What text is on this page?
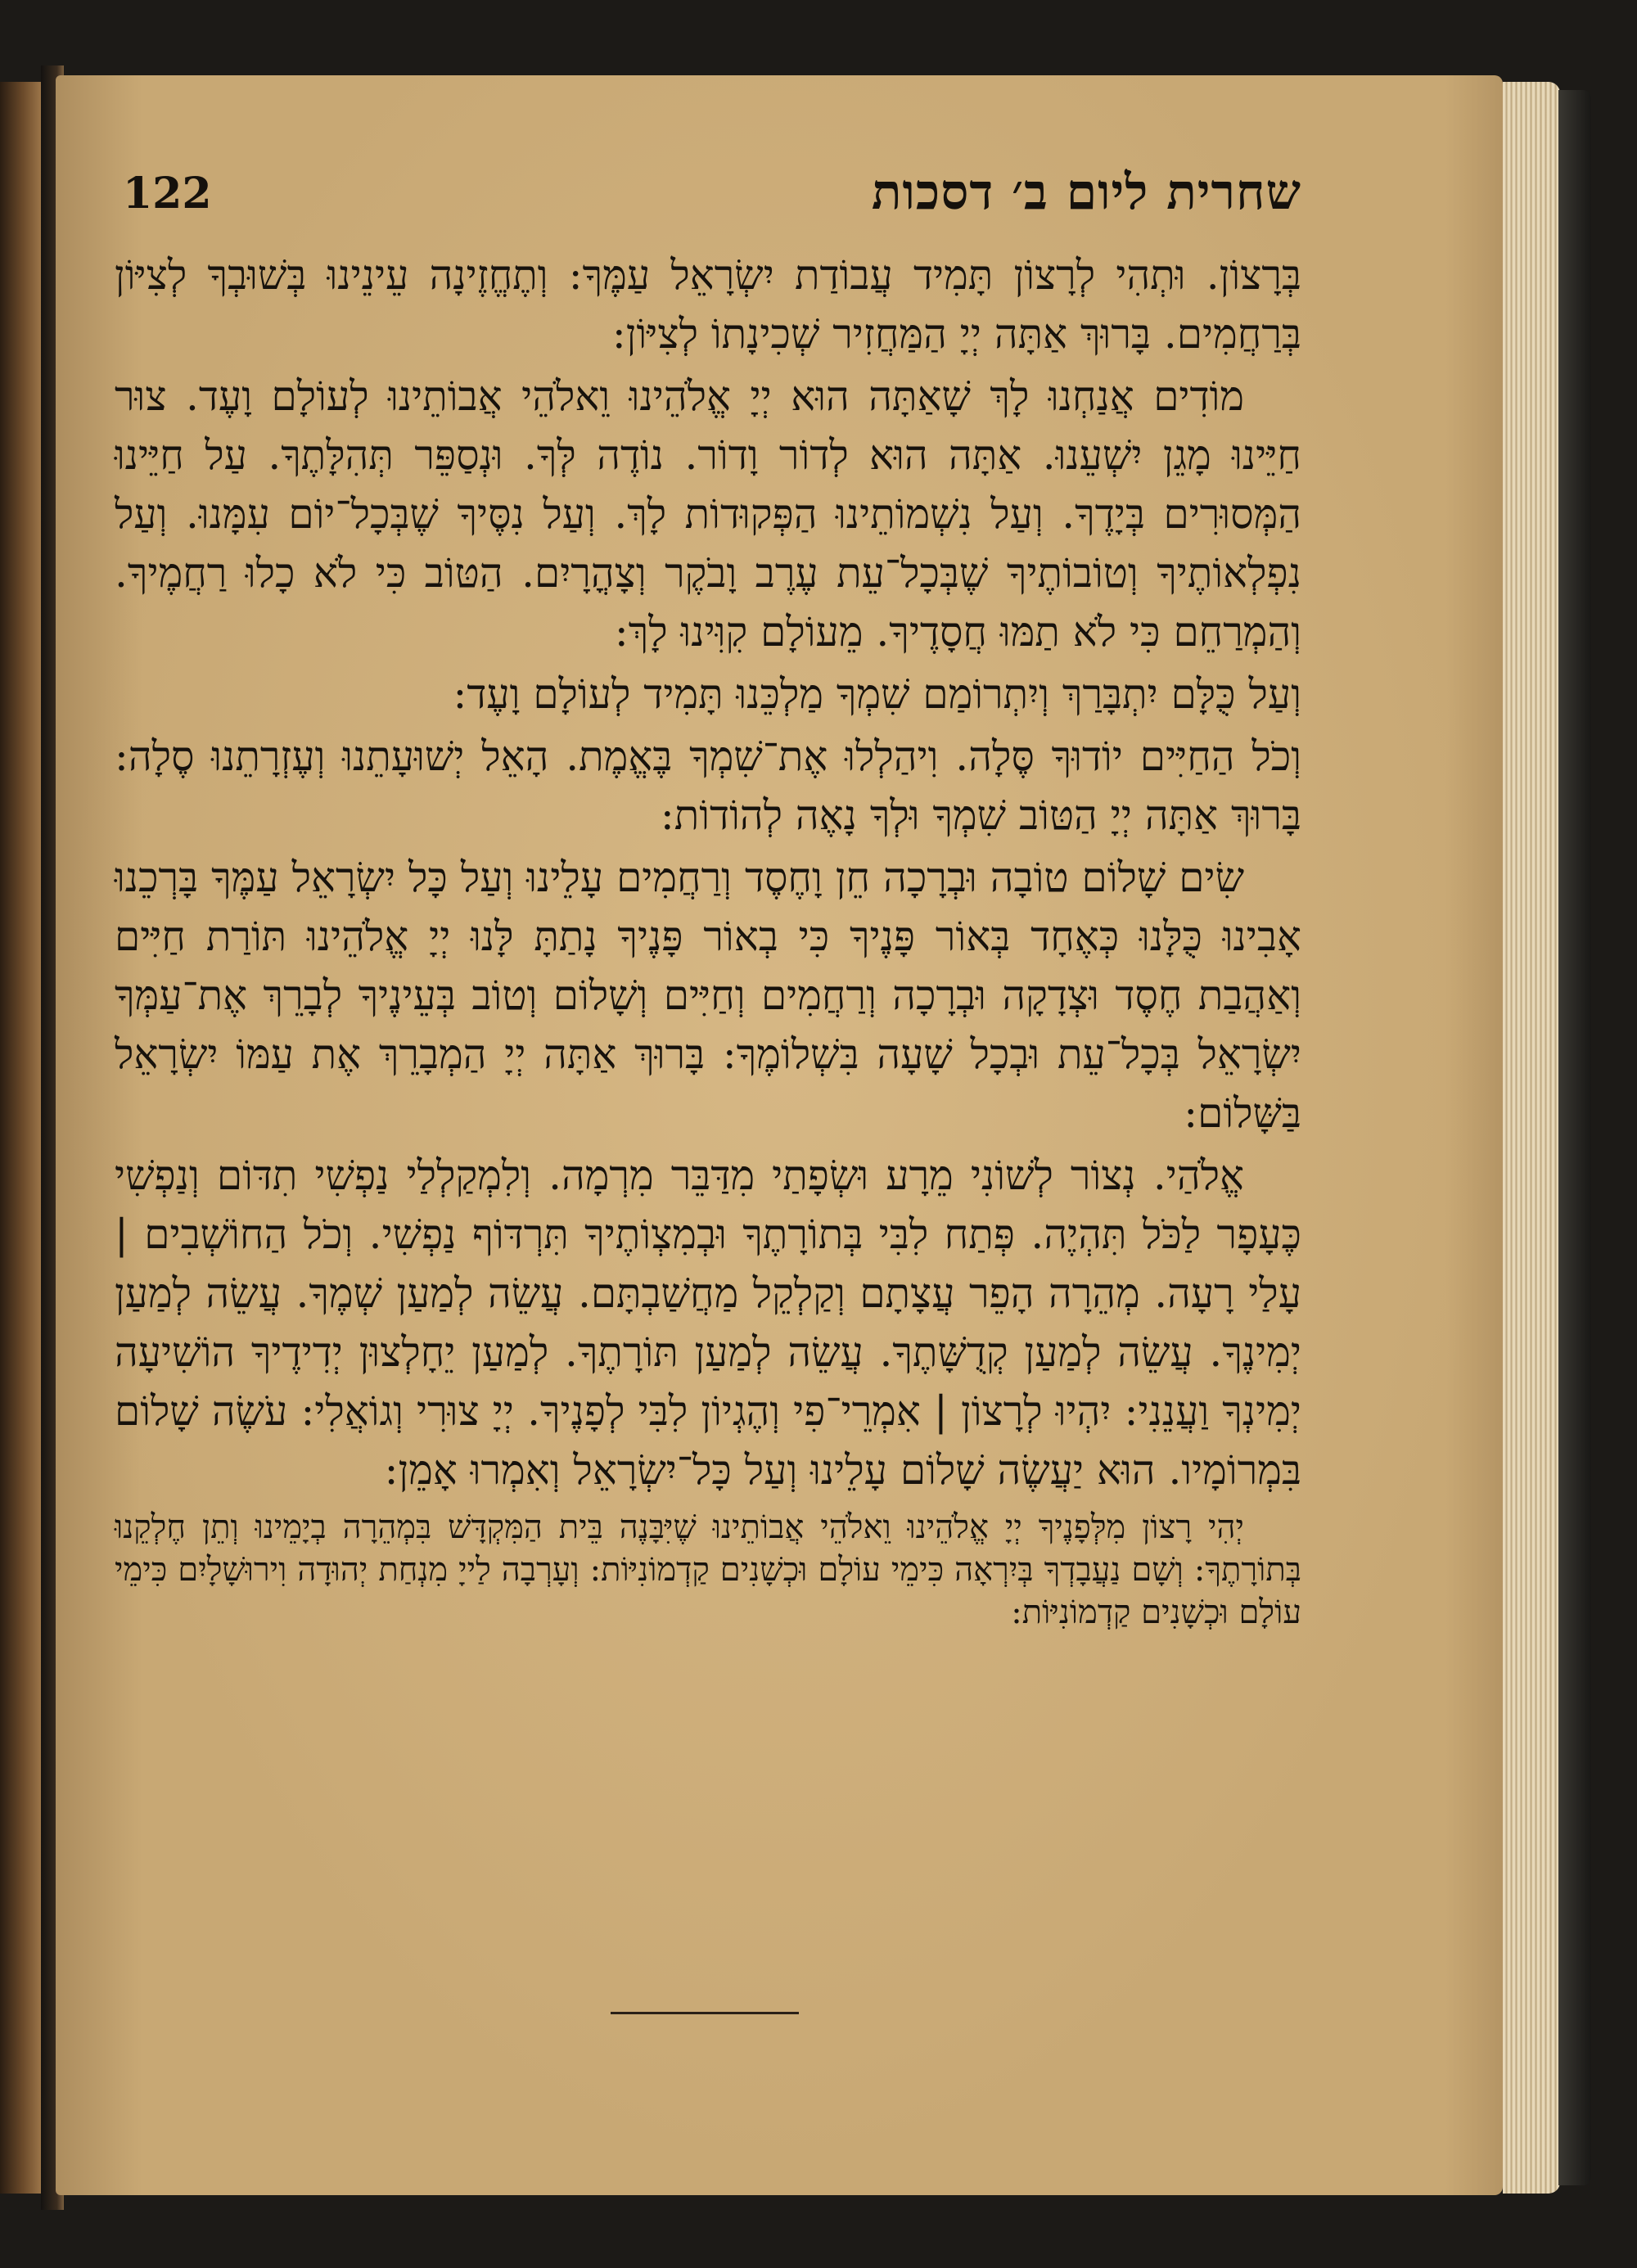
122	שחרית ליום ב׳ דסכות

בְּרָצוֹן. וּתְהִי לְרָצוֹן תָּמִיד עֲבוֹדַת יִשְׂרָאֵל עַמֶּךָ: וְתֶחֱזֶינָה עֵינֵינוּ בְּשׁוּבְךָ לְצִיּוֹן בְּרַחֲמִים. בָּרוּךְ אַתָּה יְיָ הַמַּחֲזִיר שְׁכִינָתוֹ לְצִיּוֹן:

מוֹדִים אֲנַחְנוּ לָךְ שָׁאַתָּה הוּא יְיָ אֱלֹהֵינוּ וֵאלֹהֵי אֲבוֹתֵינוּ לְעוֹלָם וָעֶד. צוּר חַיֵּינוּ מָגֵן יִשְׁעֵנוּ. אַתָּה הוּא לְדוֹר וָדוֹר. נוֹדֶה לְּךָ. וּנְסַפֵּר תְּהִלָּתֶךָ. עַל חַיֵּינוּ הַמְּסוּרִים בְּיָדֶךָ. וְעַל נִשְׁמוֹתֵינוּ הַפְּקוּדוֹת לָךְ. וְעַל נִסֶּיךָ שֶׁבְּכָל־יוֹם עִמָּנוּ. וְעַל נִפְלְאוֹתֶיךָ וְטוֹבוֹתֶיךָ שֶׁבְּכָל־עֵת עֶרֶב וָבֹקֶר וְצָהֳרָיִם. הַטּוֹב כִּי לֹא כָלוּ רַחֲמֶיךָ. וְהַמְרַחֵם כִּי לֹא תַמּוּ חֲסָדֶיךָ. מֵעוֹלָם קִוִּינוּ לָךְ:

וְעַל כֻּלָּם יִתְבָּרַךְ וְיִתְרוֹמַם שִׁמְךָ מַלְכֵּנוּ תָּמִיד לְעוֹלָם וָעֶד:

וְכֹל הַחַיִּים יוֹדוּךָ סֶּלָה. וִיהַלְלוּ אֶת־שִׁמְךָ בֶּאֱמֶת. הָאֵל יְשׁוּעָתֵנוּ וְעֶזְרָתֵנוּ סֶלָה: בָּרוּךְ אַתָּה יְיָ הַטּוֹב שִׁמְךָ וּלְךָ נָאֶה לְהוֹדוֹת:

שִׂים שָׁלוֹם טוֹבָה וּבְרָכָה חֵן וָחֶסֶד וְרַחֲמִים עָלֵינוּ וְעַל כָּל יִשְׂרָאֵל עַמֶּךָ בָּרְכֵנוּ אָבִינוּ כֻּלָּנוּ כְּאֶחָד בְּאוֹר פָּנֶיךָ כִּי בְאוֹר פָּנֶיךָ נָתַתָּ לָּנוּ יְיָ אֱלֹהֵינוּ תּוֹרַת חַיִּים וְאַהֲבַת חֶסֶד וּצְדָקָה וּבְרָכָה וְרַחֲמִים וְחַיִּים וְשָׁלוֹם וְטוֹב בְּעֵינֶיךָ לְבָרֵךְ אֶת־עַמְּךָ יִשְׂרָאֵל בְּכָל־עֵת וּבְכָל שָׁעָה בִּשְׁלוֹמֶךָ: בָּרוּךְ אַתָּה יְיָ הַמְבָרֵךְ אֶת עַמּוֹ יִשְׂרָאֵל בַּשָּׁלוֹם:

אֱלֹהַי. נְצוֹר לְשׁוֹנִי מֵרָע וּשְׂפָתַי מִדַּבֵּר מִרְמָה. וְלִמְקַלְלַי נַפְשִׁי תִדּוֹם וְנַפְשִׁי כֶּעָפָר לַכֹּל תִּהְיֶה. פְּתַח לִבִּי בְּתוֹרָתֶךָ וּבְמִצְוֹתֶיךָ תִּרְדּוֹף נַפְשִׁי. וְכֹל הַחוֹשְׁבִים | עָלַי רָעָה. מְהֵרָה הָפֵר עֲצָתָם וְקַלְקֵל מַחֲשַׁבְתָּם. עֲשֵׂה לְמַעַן שְׁמֶךָ. עֲשֵׂה לְמַעַן יְמִינֶךָ. עֲשֵׂה לְמַעַן קְדֻשָּׁתֶךָ. עֲשֵׂה לְמַעַן תּוֹרָתֶךָ. לְמַעַן יֵחָלְצוּן יְדִידֶיךָ הוֹשִׁיעָה יְמִינְךָ וַעֲנֵנִי: יִהְיוּ לְרָצוֹן | אִמְרֵי־פִי וְהֶגְיוֹן לִבִּי לְפָנֶיךָ. יְיָ צוּרִי וְגוֹאֲלִי: עֹשֶׂה שָׁלוֹם בִּמְרוֹמָיו. הוּא יַעֲשֶׂה שָׁלוֹם עָלֵינוּ וְעַל כָּל־יִשְׂרָאֵל וְאִמְרוּ אָמֵן:

יְהִי רָצוֹן מִלְּפָנֶיךָ יְיָ אֱלֹהֵינוּ וֵאלֹהֵי אֲבוֹתֵינוּ שֶׁיִּבָּנֶה בֵּית הַמִּקְדָּשׁ בִּמְהֵרָה בְיָמֵינוּ וְתֵן חֶלְקֵנוּ בְּתוֹרָתֶךָ: וְשָׁם נַעֲבָדְךָ בְּיִרְאָה כִּימֵי עוֹלָם וּכְשָׁנִים קַדְמוֹנִיּוֹת: וְעָרְבָה לַייָ מִנְחַת יְהוּדָה וִירוּשָׁלָיִם כִּימֵי עוֹלָם וּכְשָׁנִים קַדְמוֹנִיּוֹת:
